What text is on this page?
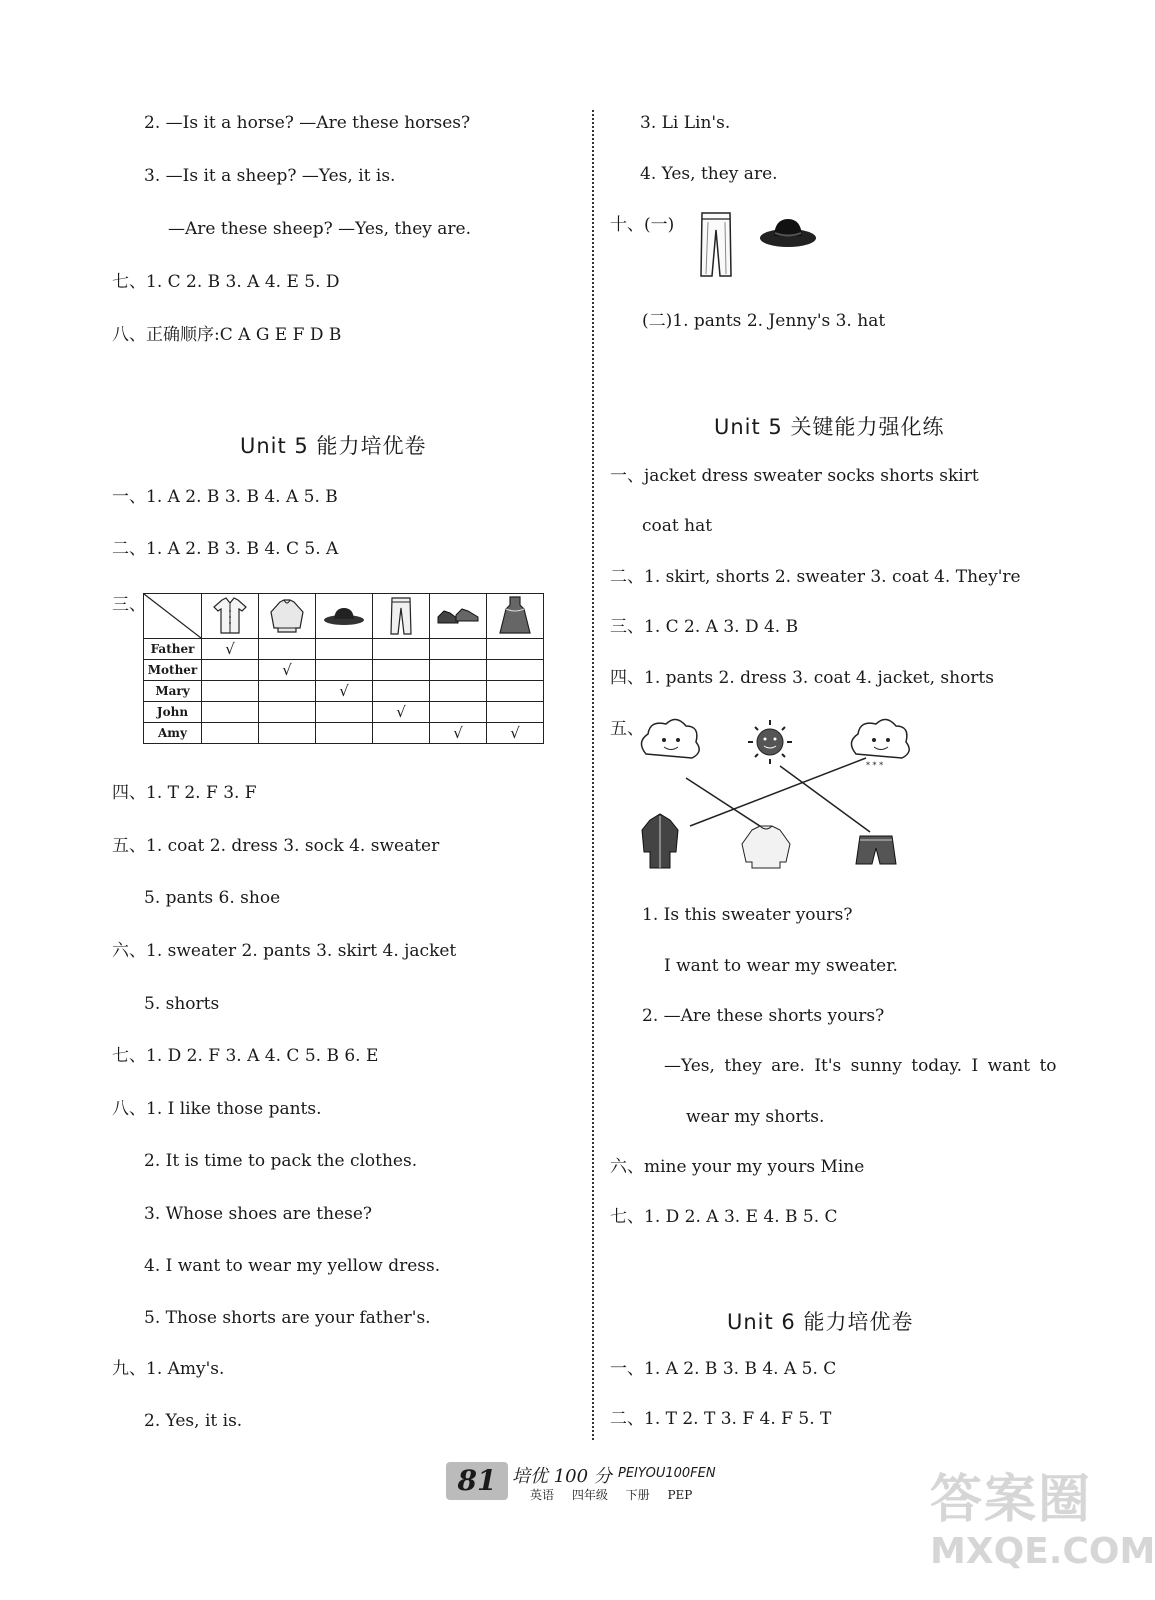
2. —Is it a horse? —Are these horses?
3. —Is it a sheep? —Yes, it is.
—Are these sheep? —Yes, they are.
七、1. C 2. B 3. A 4. E 5. D
八、正确顺序:C A G E F D B
Unit 5 能力培优卷
一、1. A 2. B 3. B 4. A 5. B
二、1. A 2. B 3. B 4. C 5. A
三、

Father	√					
Mother		√				
Mary			√			
John				√		
Amy					√	√
四、1. T 2. F 3. F
五、1. coat 2. dress 3. sock 4. sweater
5. pants 6. shoe
六、1. sweater 2. pants 3. skirt 4. jacket
5. shorts
七、1. D 2. F 3. A 4. C 5. B 6. E
八、1. I like those pants.
2. It is time to pack the clothes.
3. Whose shoes are these?
4. I want to wear my yellow dress.
5. Those shorts are your father's.
九、1. Amy's.
2. Yes, it is.
3. Li Lin's.
4. Yes, they are.
十、(一)
(二)1. pants 2. Jenny's 3. hat
Unit 5 关键能力强化练
一、jacket dress sweater socks shorts skirt
coat hat
二、1. skirt, shorts 2. sweater 3. coat 4. They're
三、1. C 2. A 3. D 4. B
四、1. pants 2. dress 3. coat 4. jacket, shorts
五、
* * *
1. Is this sweater yours?
I want to wear my sweater.
2. —Are these shorts yours?
—Yes, they are. It's sunny today. I want to
wear my shorts.
六、mine your my yours Mine
七、1. D 2. A 3. E 4. B 5. C
Unit 6 能力培优卷
一、1. A 2. B 3. B 4. A 5. C
二、1. T 2. T 3. F 4. F 5. T
81 培优 100 分 PEIYOU100FEN
英语 四年级 下册 PEP	答案圈
MXQE.COM
